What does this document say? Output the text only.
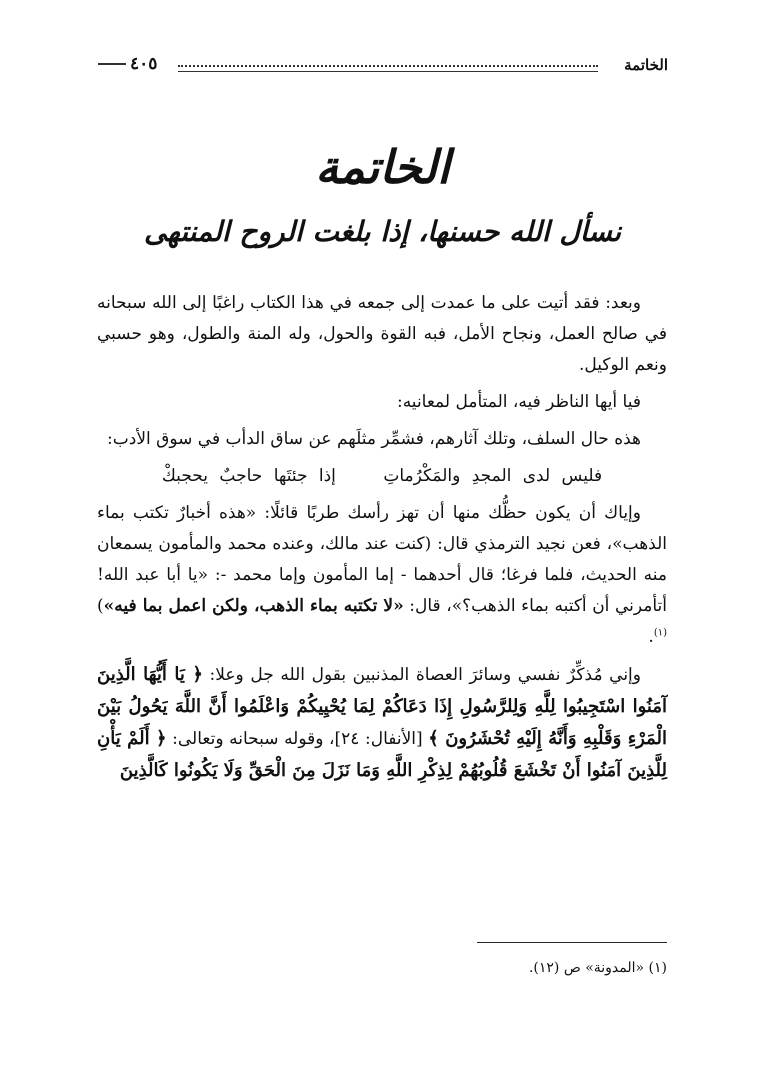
الخاتمة
٤٠٥
الخاتمة
نسأل الله حسنها، إذا بلغت الروح المنتهى

وبعد: فقد أتيت على ما عمدت إلى جمعه في هذا الكتاب راغبًا إلى الله سبحانه في صالح العمل، ونجاح الأمل، فبه القوة والحول، وله المنة والطول، وهو حسبي ونعم الوكيل.

فيا أيها الناظر فيه، المتأمل لمعانيه:

هذه حال السلف، وتلك آثارهم، فشمِّر مثلَهم عن ساق الدأب في سوق الأدب:

فليس لدى المجدِ والمَكْرُماتِ إذا جئتَها حاجبٌ يحجبكْ

وإياك أن يكون حظُّك منها أن تهز رأسك طربًا قائلًا: «هذه أخبارٌ تكتب بماء الذهب»، فعن نجيد الترمذي قال: (كنت عند مالك، وعنده محمد والمأمون يسمعان منه الحديث، فلما فرغا؛ قال أحدهما - إما المأمون وإما محمد -: «يا أبا عبد الله! أتأمرني أن أكتبه بماء الذهب؟»، قال: «لا تكتبه بماء الذهب، ولكن اعمل بما فيه»)$^{(١)}$.

وإني مُذكِّرٌ نفسي وسائرَ العصاة المذنبين بقول الله جل وعلا: ﴿ يَا أَيُّهَا الَّذِينَ آمَنُوا اسْتَجِيبُوا لِلَّهِ وَلِلرَّسُولِ إِذَا دَعَاكُمْ لِمَا يُحْيِيكُمْ وَاعْلَمُوا أَنَّ اللَّهَ يَحُولُ بَيْنَ الْمَرْءِ وَقَلْبِهِ وَأَنَّهُ إِلَيْهِ تُحْشَرُونَ ﴾ [الأنفال: ٢٤]، وقوله سبحانه وتعالى: ﴿ أَلَمْ يَأْنِ لِلَّذِينَ آمَنُوا أَنْ تَخْشَعَ قُلُوبُهُمْ لِذِكْرِ اللَّهِ وَمَا نَزَلَ مِنَ الْحَقِّ وَلَا يَكُونُوا كَالَّذِينَ

(١) «المدونة» ص (١٢).
